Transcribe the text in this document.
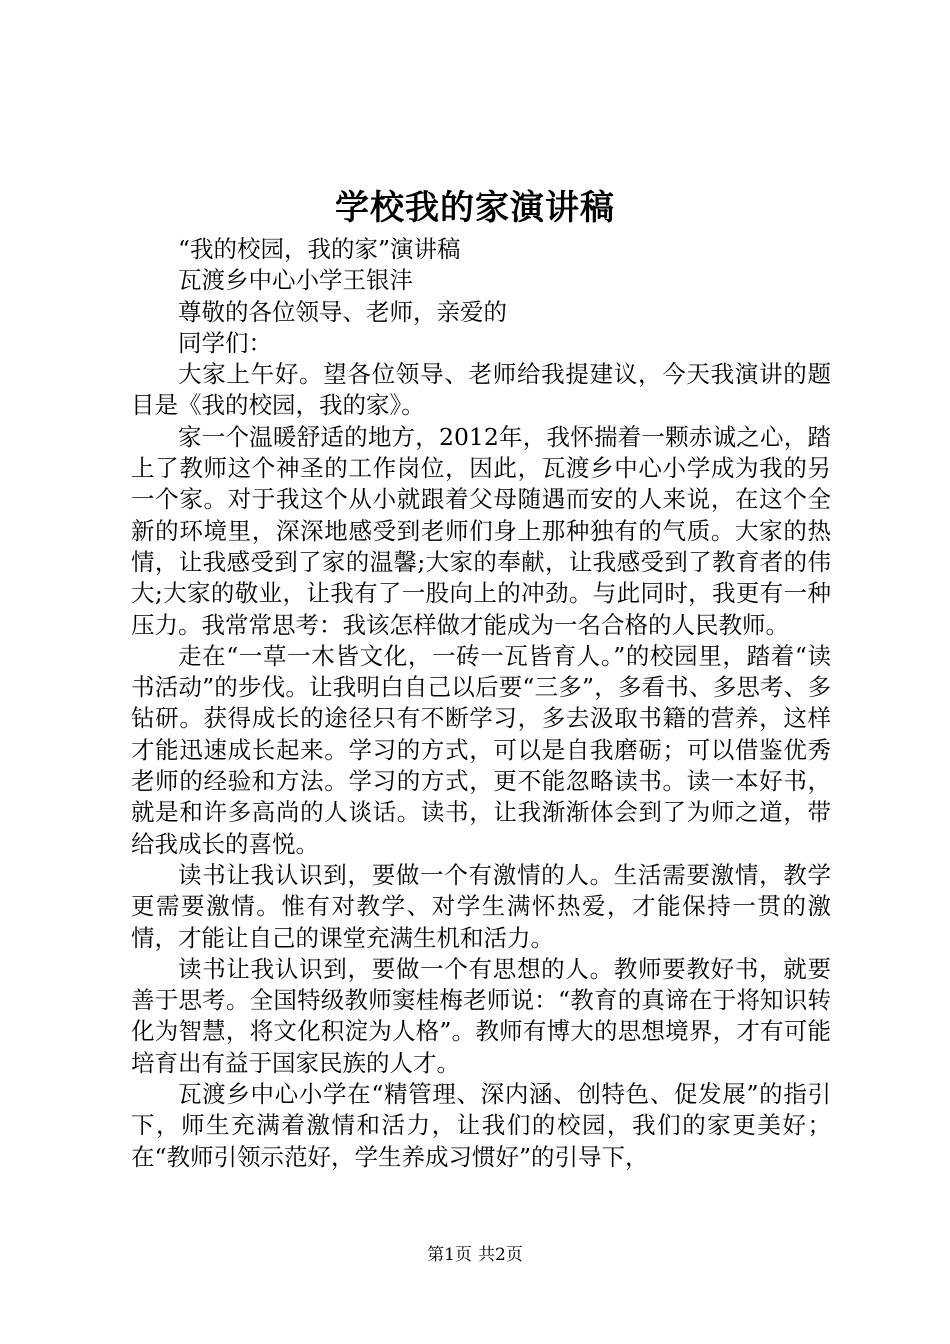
学校我的家演讲稿

“我的校园，我的家”演讲稿

瓦渡乡中心小学王银沣

尊敬的各位领导、老师，亲爱的

同学们：

大家上午好。望各位领导、老师给我提建议，今天我演讲的题目是《我的校园，我的家》。

家一个温暖舒适的地方，2012年，我怀揣着一颗赤诚之心，踏上了教师这个神圣的工作岗位，因此，瓦渡乡中心小学成为我的另一个家。对于我这个从小就跟着父母随遇而安的人来说，在这个全新的环境里，深深地感受到老师们身上那种独有的气质。大家的热情，让我感受到了家的温馨;大家的奉献，让我感受到了教育者的伟大;大家的敬业，让我有了一股向上的冲劲。与此同时，我更有一种压力。我常常思考：我该怎样做才能成为一名合格的人民教师。

走在“一草一木皆文化，一砖一瓦皆育人。”的校园里，踏着“读书活动”的步伐。让我明白自己以后要“三多”，多看书、多思考、多钻研。获得成长的途径只有不断学习，多去汲取书籍的营养，这样才能迅速成长起来。学习的方式，可以是自我磨砺；可以借鉴优秀老师的经验和方法。学习的方式，更不能忽略读书。读一本好书，就是和许多高尚的人谈话。读书，让我渐渐体会到了为师之道，带给我成长的喜悦。

读书让我认识到，要做一个有激情的人。生活需要激情，教学更需要激情。惟有对教学、对学生满怀热爱，才能保持一贯的激情，才能让自己的课堂充满生机和活力。

读书让我认识到，要做一个有思想的人。教师要教好书，就要善于思考。全国特级教师窦桂梅老师说：“教育的真谛在于将知识转化为智慧，将文化积淀为人格”。教师有博大的思想境界，才有可能培育出有益于国家民族的人才。

瓦渡乡中心小学在“精管理、深内涵、创特色、促发展”的指引下，师生充满着激情和活力，让我们的校园，我们的家更美好；在“教师引领示范好，学生养成习惯好”的引导下，

第1页 共2页
